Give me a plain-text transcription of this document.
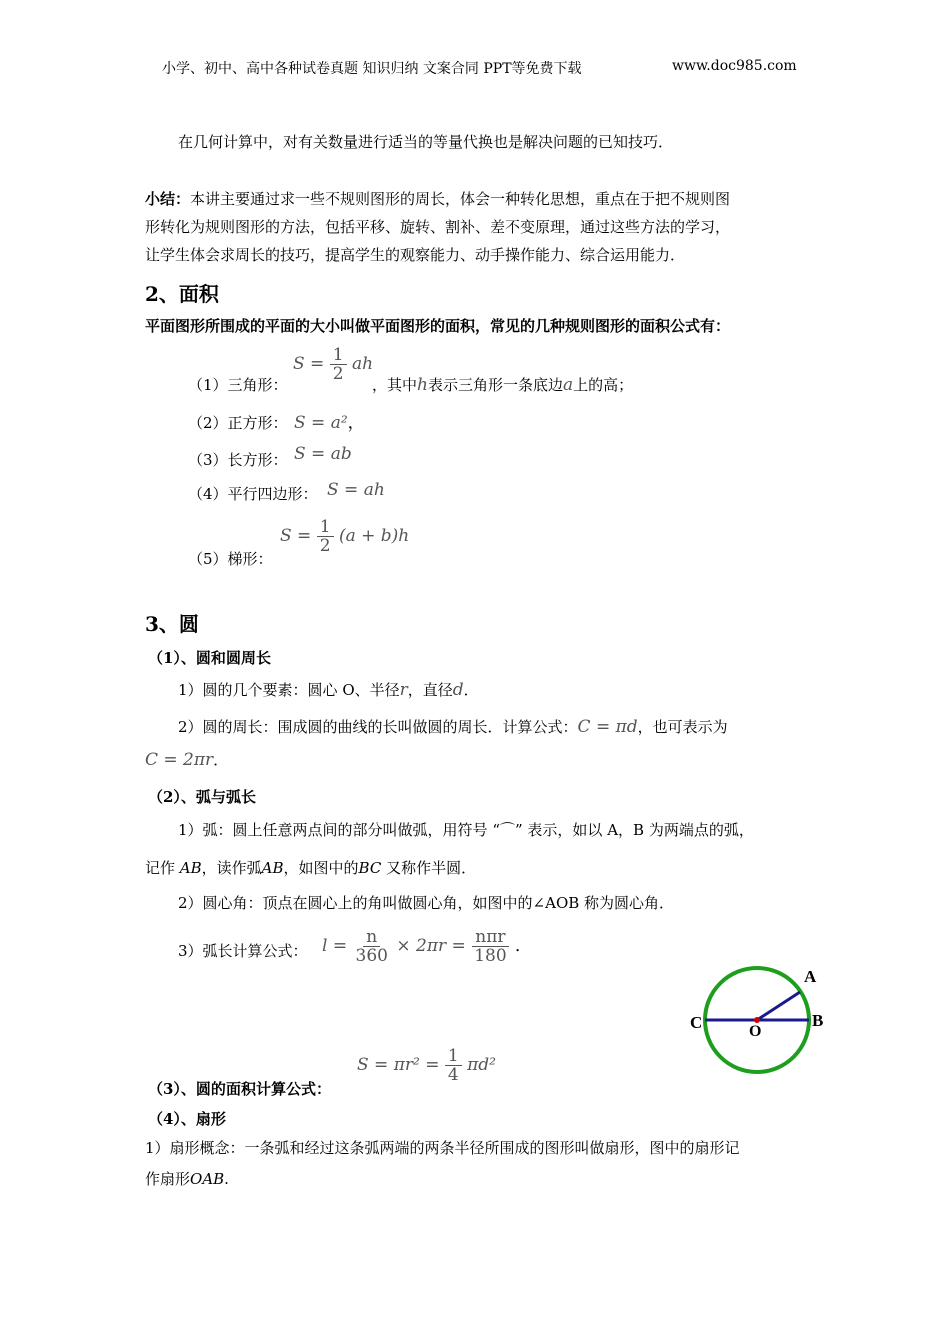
小学、初中、高中各种试卷真题 知识归纳 文案合同 PPT等免费下载	www.doc985.com
在几何计算中，对有关数量进行适当的等量代换也是解决问题的已知技巧．
小结：本讲主要通过求一些不规则图形的周长，体会一种转化思想，重点在于把不规则图
形转化为规则图形的方法，包括平移、旋转、割补、差不变原理，通过这些方法的学习，
让学生体会求周长的技巧，提高学生的观察能力、动手操作能力、综合运用能力．
2、面积
平面图形所围成的平面的大小叫做平面图形的面积，常见的几种规则图形的面积公式有：
（1）三角形：
$S = \frac{1}{2}$ ah
，其中h表示三角形一条底边a上的高；
（2）正方形： S = a²，
（3）长方形： S = ab
（4）平行四边形： S = ah
（5）梯形：
$S = \frac{1}{2} (a + b)h$
3、圆
（1）、圆和圆周长
1）圆的几个要素：圆心 O、半径r，直径d．
2）圆的周长：围成圆的曲线的长叫做圆的周长．计算公式：C = πd，也可表示为
C = 2πr．
（2）、弧与弧长
1）弧：圆上任意两点间的部分叫做弧，用符号 “⌒” 表示，如以 A，B 为两端点的弧，
记作 AB，读作弧AB，如图中的BC 又称作半圆．
2）圆心角：顶点在圆心上的角叫做圆心角，如图中的∠AOB 称为圆心角．
3）弧长计算公式： $l = \frac{n}{360} \times 2\pi r = \frac{\text{nπr}}{180}$ ．
A
B
C	O
（3）、圆的面积计算公式：
$S = \pi r^2 = \frac{1}{4} \pi d^2$
（4）、扇形
1）扇形概念：一条弧和经过这条弧两端的两条半径所围成的图形叫做扇形，图中的扇形记
作扇形OAB.
